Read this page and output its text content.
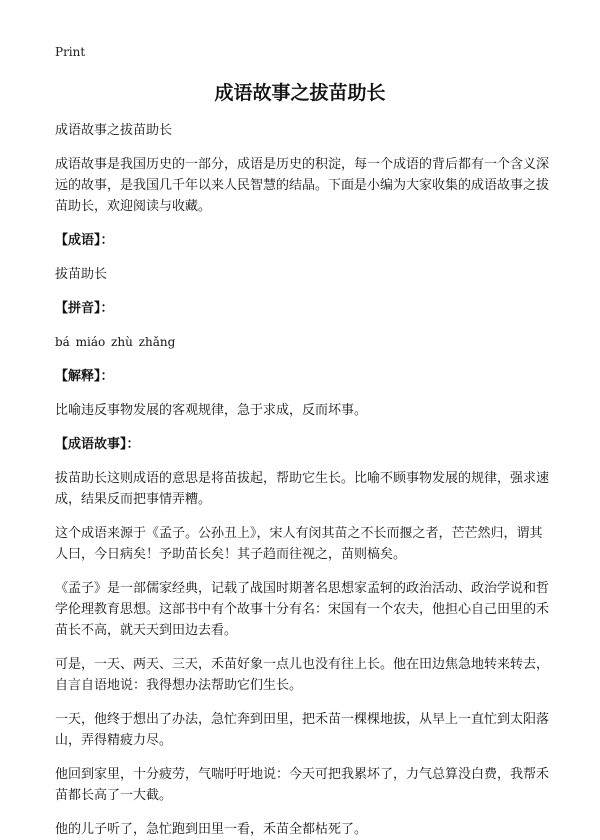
Print
成语故事之拔苗助长

成语故事之拔苗助长

成语故事是我国历史的一部分，成语是历史的积淀，每一个成语的背后都有一个含义深远的故事，是我国几千年以来人民智慧的结晶。下面是小编为大家收集的成语故事之拔苗助长，欢迎阅读与收藏。

【成语】：

拔苗助长

【拼音】：

bá miáo zhù zhǎng

【解释】：

比喻违反事物发展的客观规律，急于求成，反而坏事。

【成语故事】：

拔苗助长这则成语的意思是将苗拔起，帮助它生长。比喻不顾事物发展的规律，强求速成，结果反而把事情弄糟。

这个成语来源于《孟子。公孙丑上》，宋人有闵其苗之不长而揠之者，芒芒然归，谓其人曰，今日病矣！予助苗长矣！其子趋而往视之，苗则槁矣。

《孟子》是一部儒家经典，记载了战国时期著名思想家孟轲的政治活动、政治学说和哲学伦理教育思想。这部书中有个故事十分有名：宋国有一个农夫，他担心自己田里的禾苗长不高，就天天到田边去看。

可是，一天、两天、三天，禾苗好象一点儿也没有往上长。他在田边焦急地转来转去，自言自语地说：我得想办法帮助它们生长。

一天，他终于想出了办法，急忙奔到田里，把禾苗一棵棵地拔，从早上一直忙到太阳落山，弄得精疲力尽。

他回到家里，十分疲劳，气喘吁吁地说：今天可把我累坏了，力气总算没白费，我帮禾苗都长高了一大截。

他的儿子听了，急忙跑到田里一看，禾苗全都枯死了。
